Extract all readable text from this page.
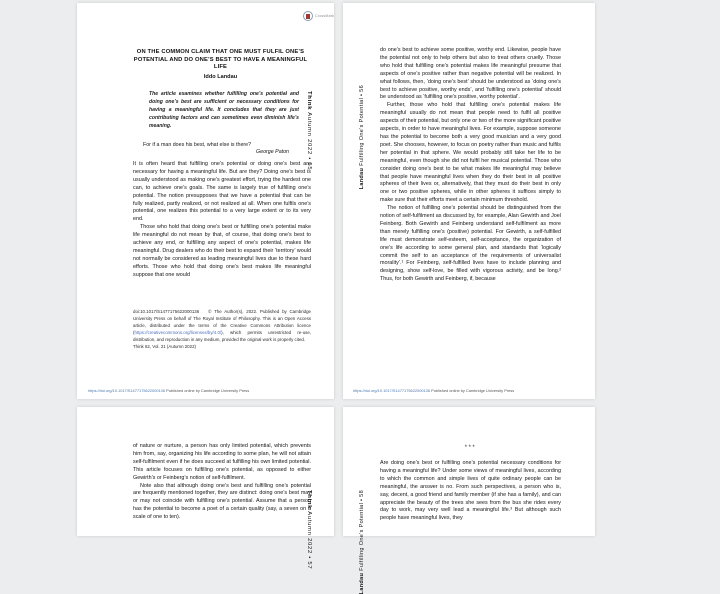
CrossMark
ON THE COMMON CLAIM THAT ONE MUST FULFIL ONE’S POTENTIAL AND DO ONE’S BEST TO HAVE A MEANINGFUL LIFE
Iddo Landau
The article examines whether fulfilling one’s potential and doing one’s best are sufficient or necessary conditions for having a meaningful life. It concludes that they are just contributing factors and can sometimes even diminish life’s meaning.
For if a man does his best, what else is there?
George Paton

It is often heard that fulfilling one’s potential or doing one’s best are necessary for having a meaningful life. But are they? Doing one’s best is usually understood as making one’s greatest effort, trying the hardest one can, to achieve one’s goals. The same is largely true of fulfilling one’s potential. The notion presupposes that we have a potential that can be fully realized, partly realized, or not realized at all. When one fulfils one’s potential, one realizes this potential to a very large extent or to its very end.

Those who hold that doing one’s best or fulfilling one’s potential make life meaningful do not mean by that, of course, that doing one’s best to achieve any end, or fulfilling any aspect of one’s potential, makes life meaningful. Drug dealers who do their best to expand their ‘territory’ would not normally be considered as leading meaningful lives due to these hard efforts. Those who hold that doing one’s best makes life meaningful suppose that one would

doi:10.1017/S1477175622000136 © The Author(s), 2022. Published by Cambridge University Press on behalf of The Royal Institute of Philosophy. This is an Open Access article, distributed under the terms of the Creative Commons Attribution licence (https://creativecommons.org/licenses/by/4.0/), which permits unrestricted re-use, distribution, and reproduction in any medium, provided the original work is properly cited.
Think 62, Vol. 21 (Autumn 2022)
Think Autumn 2022 • 55
https://doi.org/10.1017/S1477175622000136 Published online by Cambridge University Press

do one’s best to achieve some positive, worthy end. Likewise, people have the potential not only to help others but also to treat others cruelly. Those who hold that fulfilling one’s potential makes life meaningful presume that aspects of one’s positive rather than negative potential will be realized. In what follows, then, ‘doing one’s best’ should be understood as ‘doing one’s best to achieve positive, worthy ends’, and ‘fulfilling one’s potential’ should be understood as ‘fulfilling one’s positive, worthy potential’.

Further, those who hold that fulfilling one’s potential makes life meaningful usually do not mean that people need to fulfil all positive aspects of their potential, but only one or two of the more significant positive aspects, in order to have meaningful lives. For example, suppose someone has the potential to become both a very good musician and a very good poet. She chooses, however, to focus on poetry rather than music and fulfils her potential in that sphere. We would probably still take her life to be meaningful, even though she did not fulfil her musical potential. Those who consider doing one’s best to be what makes life meaningful may believe that people have meaningful lives when they do their best in all positive spheres of their lives or, alternatively, that they must do their best in only one or two positive spheres, while in other spheres it suffices simply to make sure that their efforts meet a certain minimum threshold.

The notion of fulfilling one’s potential should be distinguished from the notion of self-fulfilment as discussed by, for example, Alan Gewirth and Joel Feinberg. Both Gewirth and Feinberg understand self-fulfilment as more than merely fulfilling one’s (positive) potential. For Gewirth, a self-fulfilled life must demonstrate self-esteem, self-acceptance, the organization of one’s life according to some general plan, and standards that ‘logically commit the self to an acceptance of the requirements of universalist morality’.¹ For Feinberg, self-fulfilled lives have to include planning and designing, show self-love, be filled with vigorous activity, and be long.² Thus, for both Gewirth and Feinberg, if, because

Landau Fulfilling One’s Potential • 56
https://doi.org/10.1017/S1477175622000136 Published online by Cambridge University Press

of nature or nurture, a person has only limited potential, which prevents him from, say, organizing his life according to some plan, he will not attain self-fulfilment even if he does succeed at fulfilling his own limited potential. This article focuses on fulfilling one’s potential, as opposed to either Gewirth’s or Feinberg’s notion of self-fulfilment.

Note also that although doing one’s best and fulfilling one’s potential are frequently mentioned together, they are distinct: doing one’s best may or may not coincide with fulfilling one’s potential. Assume that a person has the potential to become a poet of a certain quality (say, a seven on a scale of one to ten).

Think Autumn 2022 • 57
***

Are doing one’s best or fulfilling one’s potential necessary conditions for having a meaningful life? Under some views of meaningful lives, according to which the common and simple lives of quite ordinary people can be meaningful, the answer is no. From such perspectives, a person who is, say, decent, a good friend and family member (if she has a family), and can appreciate the beauty of the trees she sees from the bus she rides every day to work, may very well lead a meaningful life.³ But although such people have meaningful lives, they

Landau Fulfilling One’s Potential • 58
